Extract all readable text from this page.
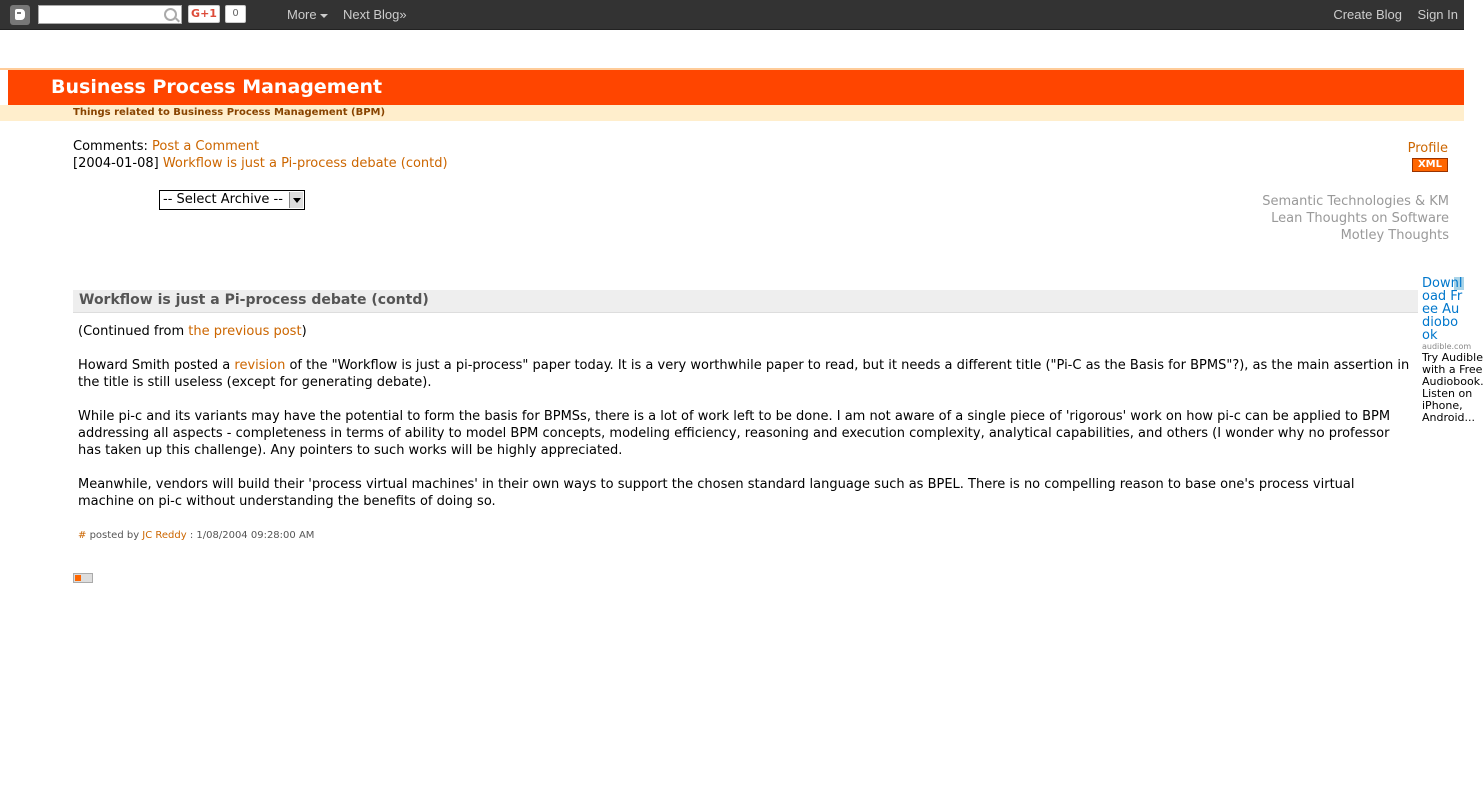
G+1	0	More	Next Blog»	Create Blog Sign In
Business Process Management
Things related to Business Process Management (BPM)
Comments: Post a Comment
[2004-01-08] Workflow is just a Pi-process debate (contd)
-- Select Archive --
Profile
XML
Semantic Technologies & KM
Lean Thoughts on Software
Motley Thoughts
Download Free Audiobook
audible.com
Try Audible
with a Free
Audiobook.
Listen on
iPhone,
Android...
Workflow is just a Pi-process debate (contd)

(Continued from the previous post)

Howard Smith posted a revision of the "Workflow is just a pi-process" paper today. It is a very worthwhile paper to read, but it needs a different title ("Pi-C as the Basis for BPMS"?), as the main assertion in the title is still useless (except for generating debate).

While pi-c and its variants may have the potential to form the basis for BPMSs, there is a lot of work left to be done. I am not aware of a single piece of 'rigorous' work on how pi-c can be applied to BPM addressing all aspects - completeness in terms of ability to model BPM concepts, modeling efficiency, reasoning and execution complexity, analytical capabilities, and others (I wonder why no professor has taken up this challenge). Any pointers to such works will be highly appreciated.

Meanwhile, vendors will build their 'process virtual machines' in their own ways to support the chosen standard language such as BPEL. There is no compelling reason to base one's process virtual machine on pi-c without understanding the benefits of doing so.

# posted by JC Reddy : 1/08/2004 09:28:00 AM
